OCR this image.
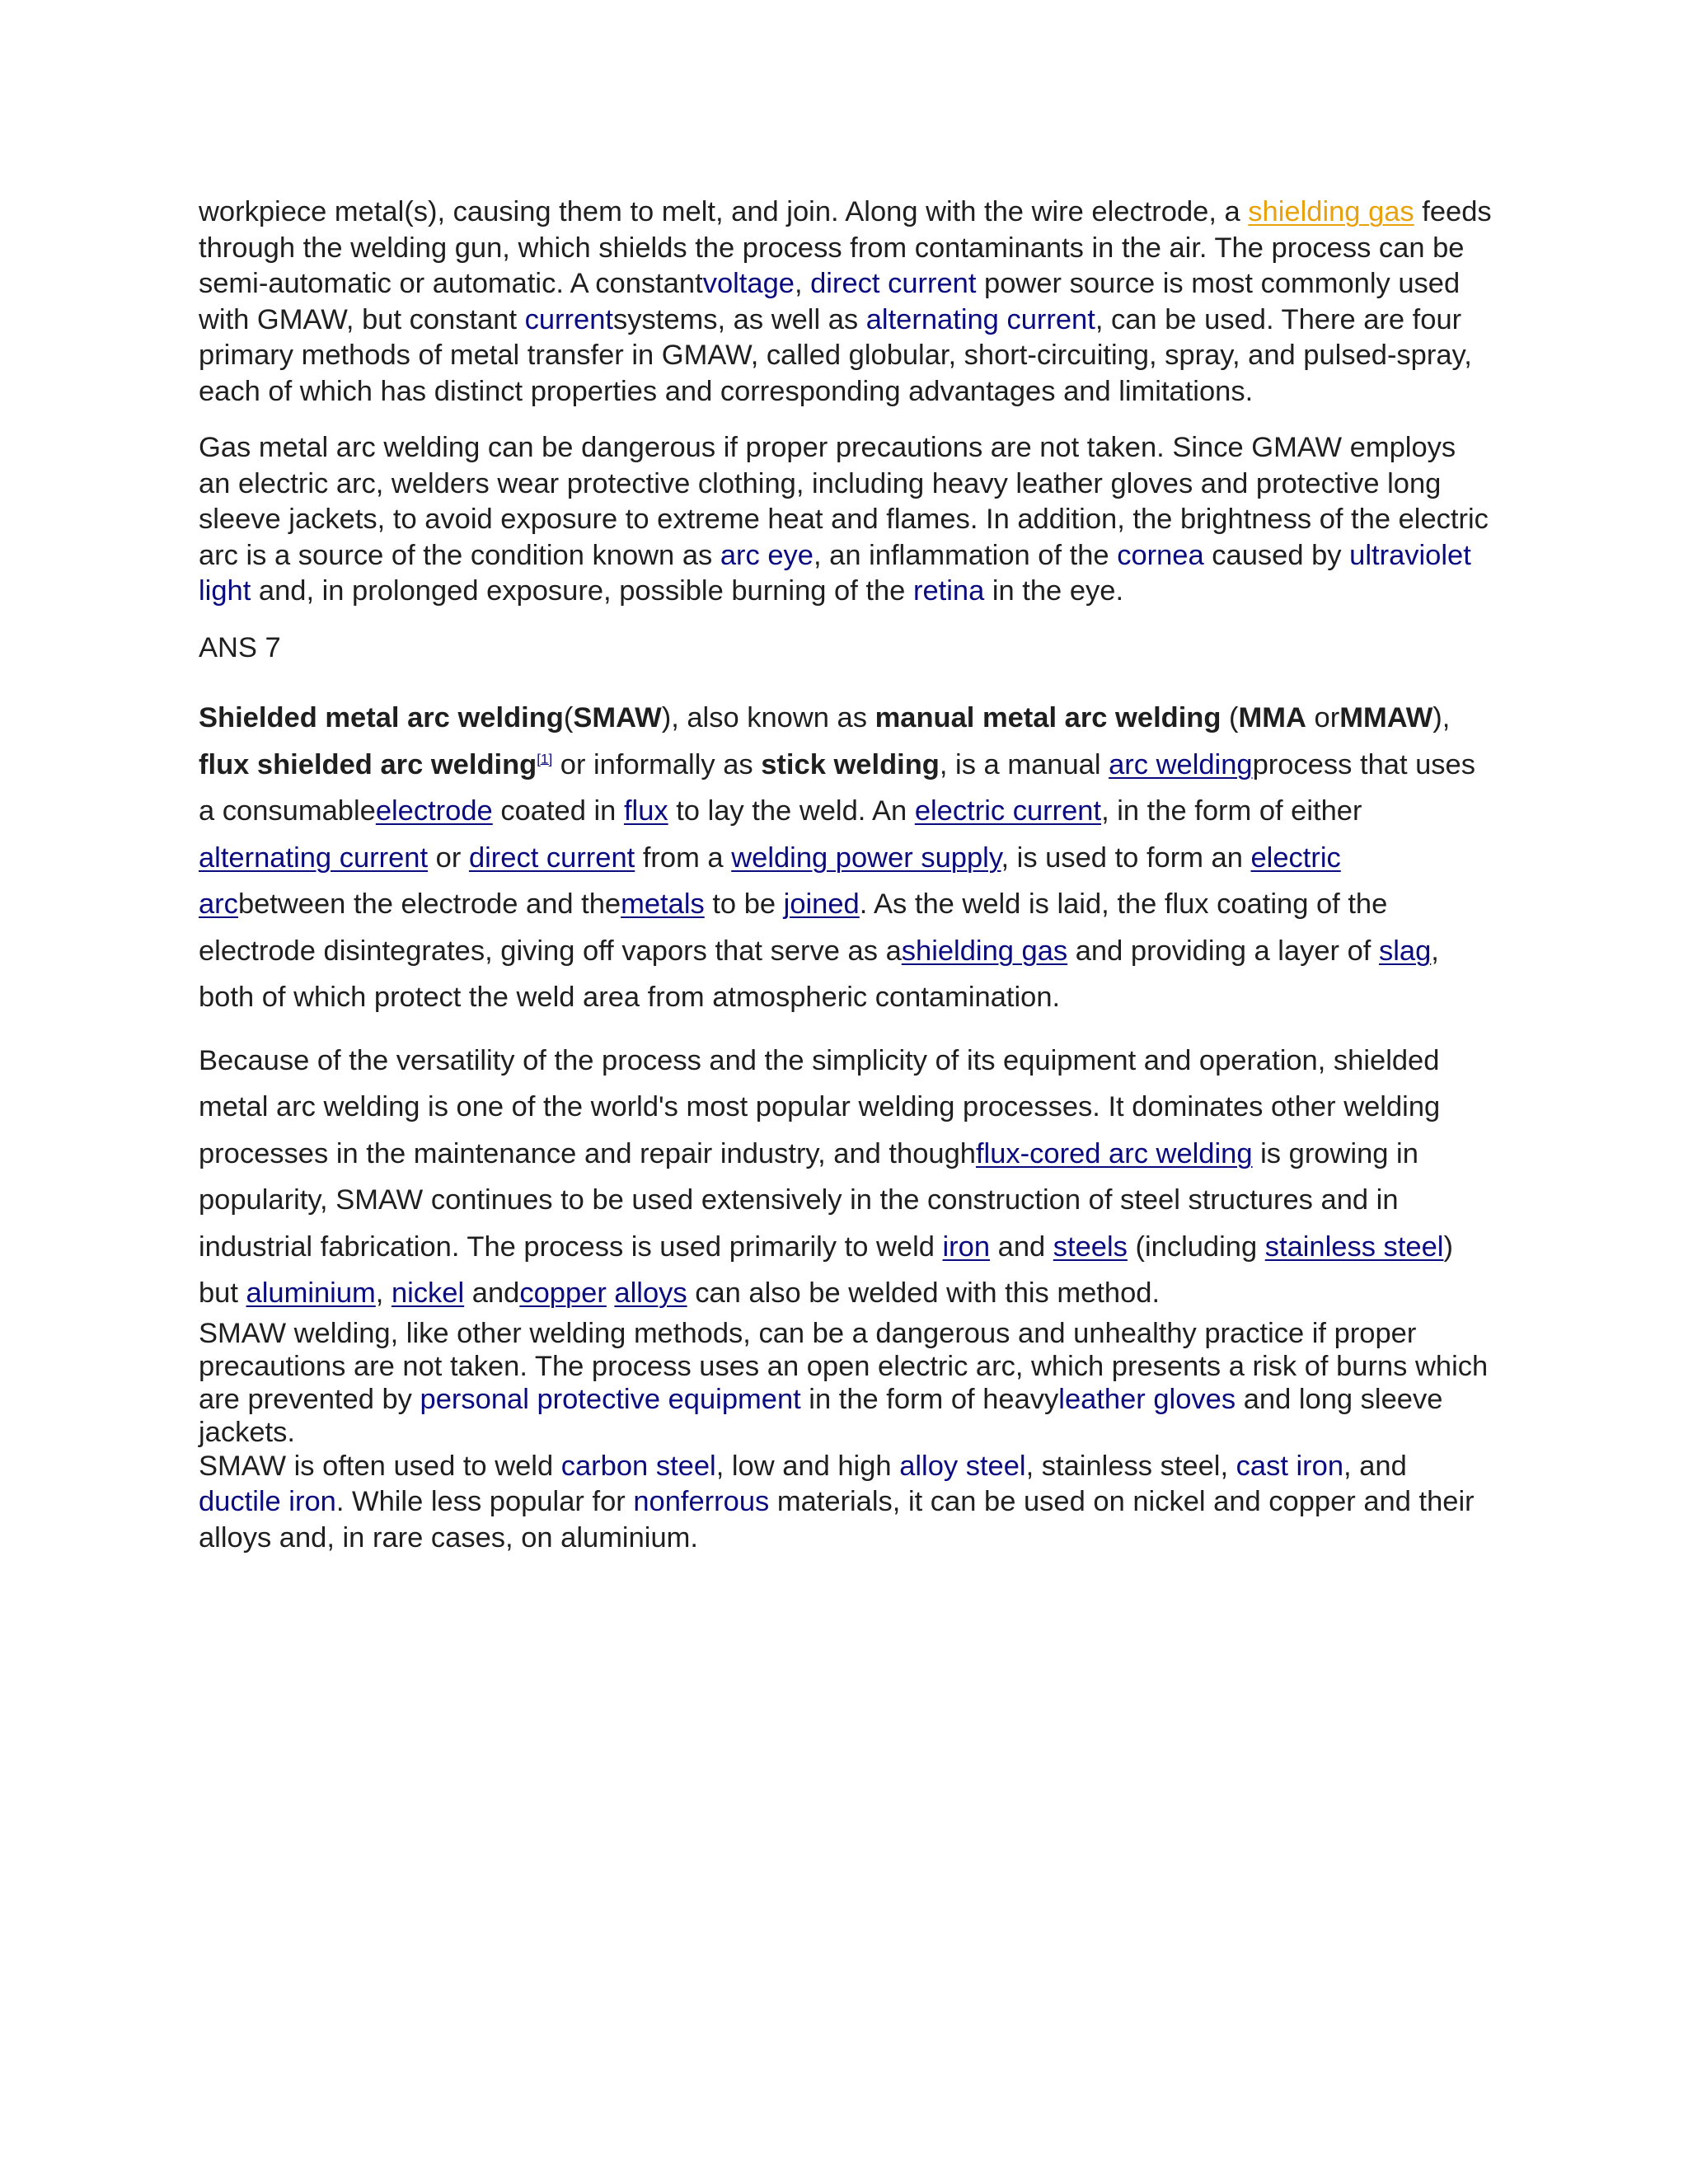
workpiece metal(s), causing them to melt, and join. Along with the wire electrode, a shielding gas feeds through the welding gun, which shields the process from contaminants in the air. The process can be semi-automatic or automatic. A constantvoltage, direct current power source is most commonly used with GMAW, but constant currentsystems, as well as alternating current, can be used. There are four primary methods of metal transfer in GMAW, called globular, short-circuiting, spray, and pulsed-spray, each of which has distinct properties and corresponding advantages and limitations.

Gas metal arc welding can be dangerous if proper precautions are not taken. Since GMAW employs an electric arc, welders wear protective clothing, including heavy leather gloves and protective long sleeve jackets, to avoid exposure to extreme heat and flames. In addition, the brightness of the electric arc is a source of the condition known as arc eye, an inflammation of the cornea caused by ultraviolet light and, in prolonged exposure, possible burning of the retina in the eye.

ANS 7

Shielded metal arc welding(SMAW), also known as manual metal arc welding (MMA orMMAW), flux shielded arc welding[1] or informally as stick welding, is a manual arc weldingprocess that uses a consumableelectrode coated in flux to lay the weld. An electric current, in the form of either alternating current or direct current from a welding power supply, is used to form an electric arcbetween the electrode and themetals to be joined. As the weld is laid, the flux coating of the electrode disintegrates, giving off vapors that serve as ashielding gas and providing a layer of slag, both of which protect the weld area from atmospheric contamination.

Because of the versatility of the process and the simplicity of its equipment and operation, shielded metal arc welding is one of the world's most popular welding processes. It dominates other welding processes in the maintenance and repair industry, and thoughflux-cored arc welding is growing in popularity, SMAW continues to be used extensively in the construction of steel structures and in industrial fabrication. The process is used primarily to weld iron and steels (including stainless steel) but aluminium, nickel andcopper alloys can also be welded with this method.

SMAW welding, like other welding methods, can be a dangerous and unhealthy practice if proper precautions are not taken. The process uses an open electric arc, which presents a risk of burns which are prevented by personal protective equipment in the form of heavyleather gloves and long sleeve jackets.

SMAW is often used to weld carbon steel, low and high alloy steel, stainless steel, cast iron, and ductile iron. While less popular for nonferrous materials, it can be used on nickel and copper and their alloys and, in rare cases, on aluminium.
